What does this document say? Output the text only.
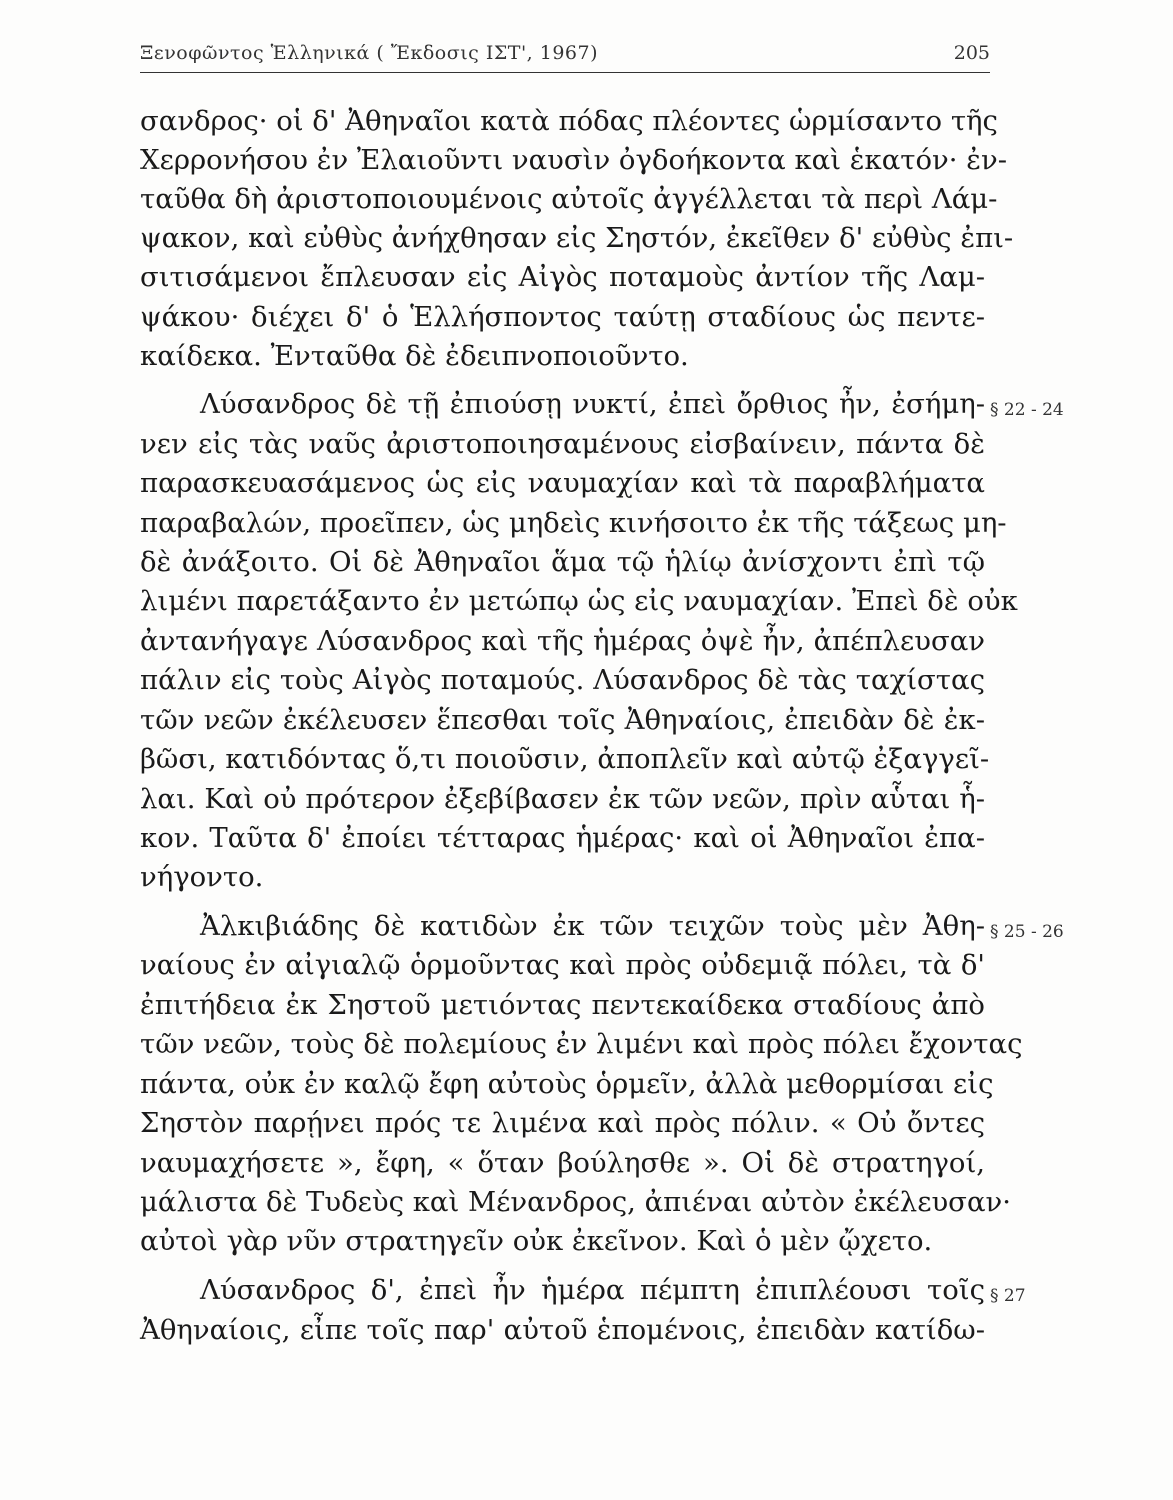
Ξενοφῶντος Ἑλληνικά ( Ἔκδοσις ΙΣΤ', 1967)	205
σανδρος· οἱ δ' Ἀθηναῖοι κατὰ πόδας πλέοντες ὡρμίσαντο τῆς
Χερρονήσου ἐν Ἐλαιοῦντι ναυσὶν ὀγδοήκοντα καὶ ἑκατόν· ἐν-
ταῦθα δὴ ἀριστοποιουμένοις αὐτοῖς ἀγγέλλεται τὰ περὶ Λάμ-
ψακον, καὶ εὐθὺς ἀνήχθησαν εἰς Σηστόν, ἐκεῖθεν δ' εὐθὺς ἐπι-
σιτισάμενοι ἔπλευσαν εἰς Αἰγὸς ποταμοὺς ἀντίον τῆς Λαμ-
ψάκου· διέχει δ' ὁ Ἑλλήσποντος ταύτῃ σταδίους ὡς πεντε-
καίδεκα. Ἐνταῦθα δὲ ἐδειπνοποιοῦντο.
Λύσανδρος δὲ τῇ ἐπιούσῃ νυκτί, ἐπεὶ ὄρθιος ἦν, ἐσήμη- § 22 - 24
νεν εἰς τὰς ναῦς ἀριστοποιησαμένους εἰσβαίνειν, πάντα δὲ
παρασκευασάμενος ὡς εἰς ναυμαχίαν καὶ τὰ παραβλήματα
παραβαλών, προεῖπεν, ὡς μηδεὶς κινήσοιτο ἐκ τῆς τάξεως μη-
δὲ ἀνάξοιτο. Οἱ δὲ Ἀθηναῖοι ἅμα τῷ ἡλίῳ ἀνίσχοντι ἐπὶ τῷ
λιμένι παρετάξαντο ἐν μετώπῳ ὡς εἰς ναυμαχίαν. Ἐπεὶ δὲ οὐκ
ἀντανήγαγε Λύσανδρος καὶ τῆς ἡμέρας ὀψὲ ἦν, ἀπέπλευσαν
πάλιν εἰς τοὺς Αἰγὸς ποταμούς. Λύσανδρος δὲ τὰς ταχίστας
τῶν νεῶν ἐκέλευσεν ἕπεσθαι τοῖς Ἀθηναίοις, ἐπειδὰν δὲ ἐκ-
βῶσι, κατιδόντας ὅ,τι ποιοῦσιν, ἀποπλεῖν καὶ αὐτῷ ἐξαγγεῖ-
λαι. Καὶ οὐ πρότερον ἐξεβίβασεν ἐκ τῶν νεῶν, πρὶν αὗται ἧ-
κον. Ταῦτα δ' ἐποίει τέτταρας ἡμέρας· καὶ οἱ Ἀθηναῖοι ἐπα-
νήγοντο.
Ἀλκιβιάδης δὲ κατιδὼν ἐκ τῶν τειχῶν τοὺς μὲν Ἀθη- § 25 - 26
ναίους ἐν αἰγιαλῷ ὁρμοῦντας καὶ πρὸς οὐδεμιᾷ πόλει, τὰ δ'
ἐπιτήδεια ἐκ Σηστοῦ μετιόντας πεντεκαίδεκα σταδίους ἀπὸ
τῶν νεῶν, τοὺς δὲ πολεμίους ἐν λιμένι καὶ πρὸς πόλει ἔχοντας
πάντα, οὐκ ἐν καλῷ ἔφη αὐτοὺς ὁρμεῖν, ἀλλὰ μεθορμίσαι εἰς
Σηστὸν παρῄνει πρός τε λιμένα καὶ πρὸς πόλιν. « Οὐ ὄντες
ναυμαχήσετε », ἔφη, « ὅταν βούλησθε ». Οἱ δὲ στρατηγοί,
μάλιστα δὲ Τυδεὺς καὶ Μένανδρος, ἀπιέναι αὐτὸν ἐκέλευσαν·
αὐτοὶ γὰρ νῦν στρατηγεῖν οὐκ ἐκεῖνον. Καὶ ὁ μὲν ᾤχετο.
Λύσανδρος δ', ἐπεὶ ἦν ἡμέρα πέμπτη ἐπιπλέουσι τοῖς § 27
Ἀθηναίοις, εἶπε τοῖς παρ' αὐτοῦ ἑπομένοις, ἐπειδὰν κατίδω-
